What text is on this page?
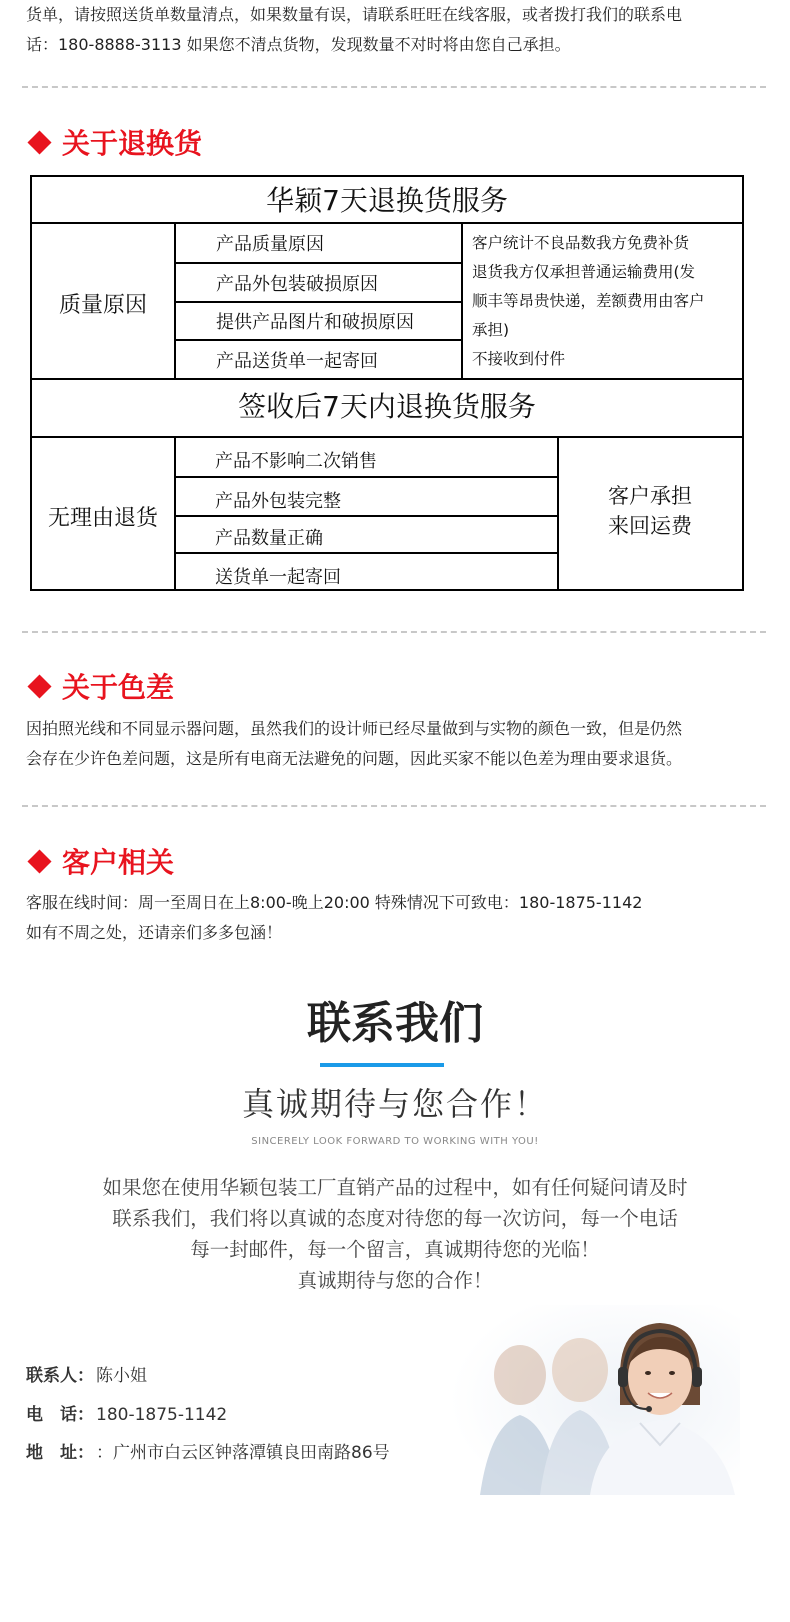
货单，请按照送货单数量清点，如果数量有误，请联系旺旺在线客服，或者拨打我们的联系电
话：180-8888-3113 如果您不清点货物，发现数量不对时将由您自己承担。
关于退换货
华颖7天退换货服务
质量原因
产品质量原因
产品外包装破损原因
提供产品图片和破损原因
产品送货单一起寄回
客户统计不良品数我方免费补货
退货我方仅承担普通运输费用(发
顺丰等昂贵快递，差额费用由客户
承担)
不接收到付件
签收后7天内退换货服务
无理由退货
产品不影响二次销售
产品外包装完整
产品数量正确
送货单一起寄回
客户承担
来回运费
关于色差
因拍照光线和不同显示器问题，虽然我们的设计师已经尽量做到与实物的颜色一致，但是仍然
会存在少许色差问题，这是所有电商无法避免的问题，因此买家不能以色差为理由要求退货。
客户相关
客服在线时间：周一至周日在上8:00-晚上20:00 特殊情况下可致电：180-1875-1142
如有不周之处，还请亲们多多包涵！
联系我们
真诚期待与您合作！
SINCERELY LOOK FORWARD TO WORKING WITH YOU!
如果您在使用华颖包装工厂直销产品的过程中，如有任何疑问请及时
联系我们，我们将以真诚的态度对待您的每一次访问，每一个电话
每一封邮件，每一个留言，真诚期待您的光临！
真诚期待与您的合作！
联系人： 陈小姐
电　话： 180-1875-1142
地　址： ：广州市白云区钟落潭镇良田南路86号
